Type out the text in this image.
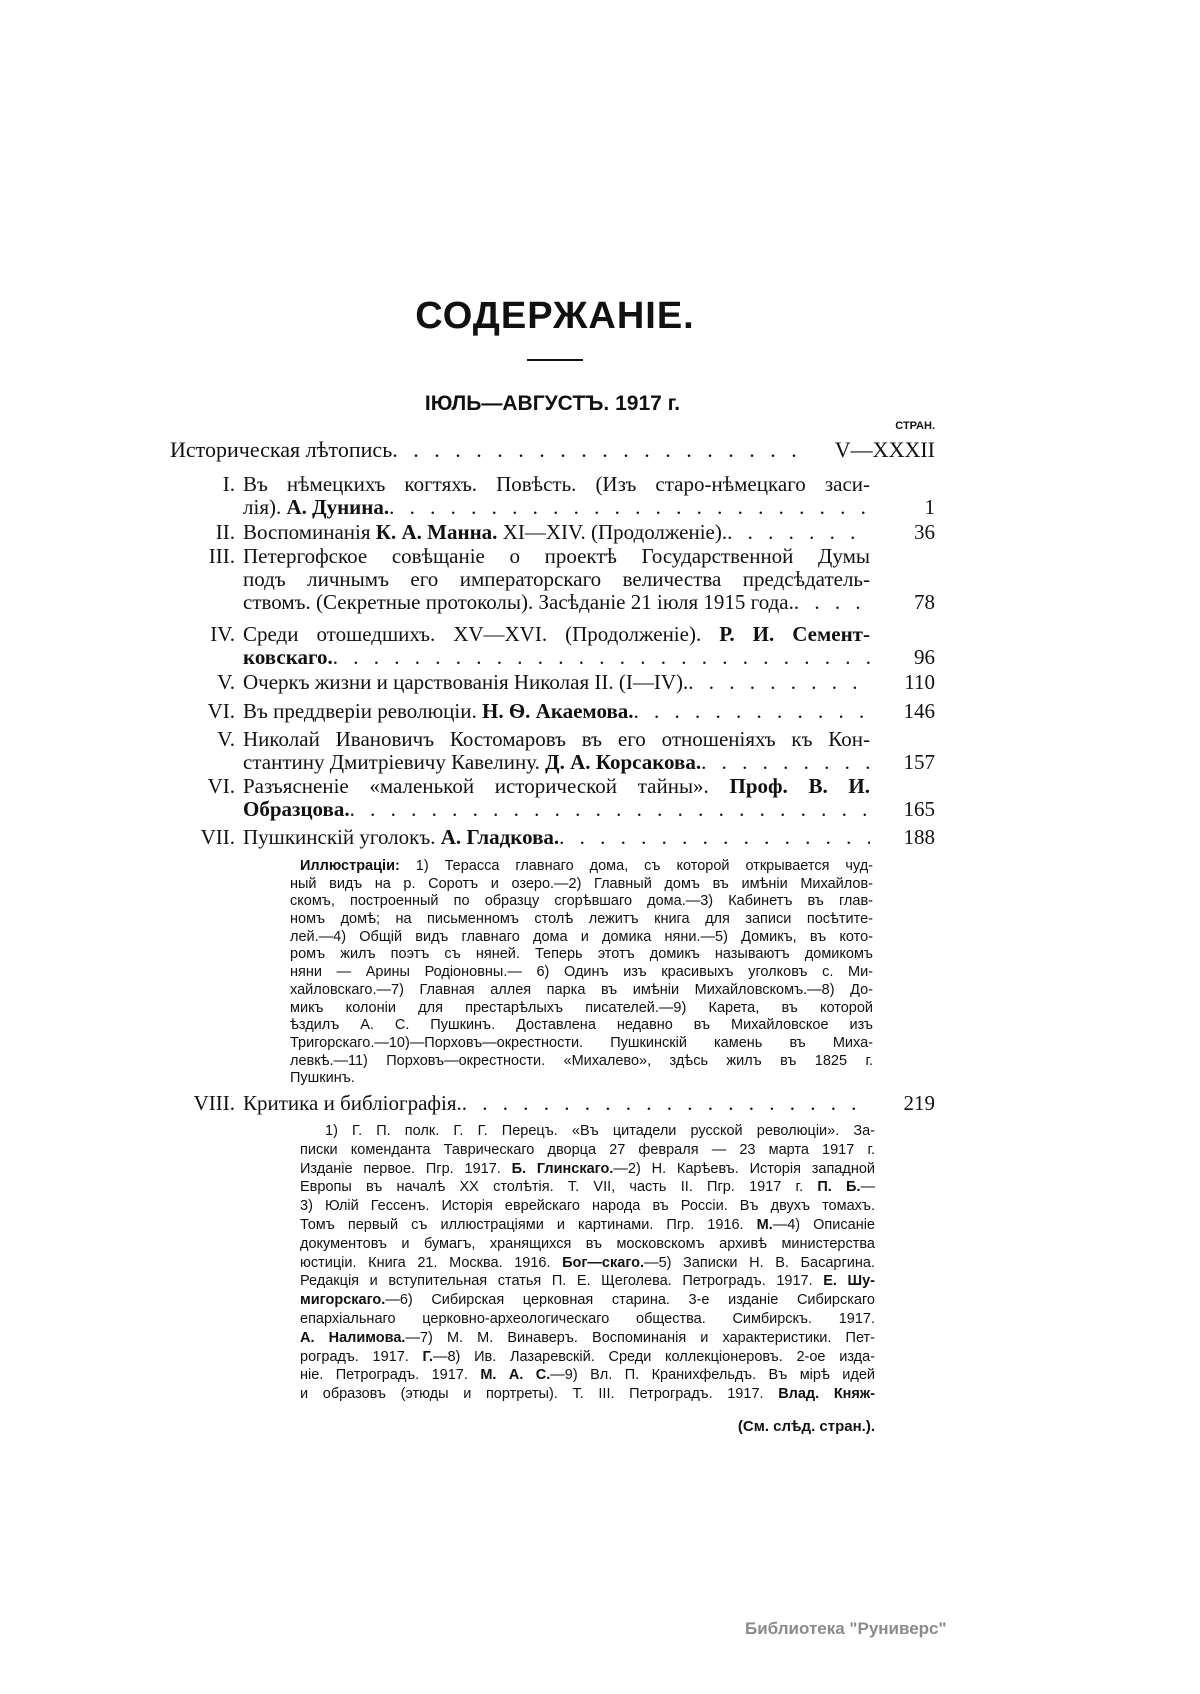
СОДЕРЖАНІЕ.
ІЮЛЬ—АВГУСТЪ. 1917 г.
СТРАН.
Историческая лѣтопись . . .	V—XXXII
I. Въ нѣмецкихъ когтяхъ. Повѣсть. (Изъ старо-нѣмецкаго заси-
лія). А. Дунина. . . .	1
II. Воспоминанія К. А. Манна. XI—XIV. (Продолженіе). . . .	36
III. Петергофское совѣщаніе о проектѣ Государственной Думы
подъ личнымъ его императорскаго величества предсѣдатель-
ствомъ. (Секретные протоколы). Засѣданіе 21 іюля 1915 года. . . .	78
IV. Среди отошедшихъ. XV—XVI. (Продолженіе). Р. И. Семент-
ковскаго. . . .	96
V. Очеркъ жизни и царствованія Николая II. (I—IV). . . .	110
VI. Въ преддверіи революціи. Н. Ѳ. Акаемова. . . .	146
V. Николай Ивановичъ Костомаровъ въ его отношеніяхъ къ Кон-
стантину Дмитріевичу Кавелину. Д. А. Корсакова. . . .	157
VI. Разъясненіе «маленькой исторической тайны». Проф. В. И.
Образцова. . . .	165
VII. Пушкинскій уголокъ. А. Гладкова. . . .	188
VIII. Критика и библіографія. . . .	219
Иллюстраціи: 1) Терасса главнаго дома, съ которой открывается чуд-
ный видъ на р. Соротъ и озеро.—2) Главный домъ въ имѣніи Михайлов-
скомъ, построенный по образцу сгорѣвшаго дома.—3) Кабинетъ въ глав-
номъ домѣ; на письменномъ столѣ лежитъ книга для записи посѣтите-
лей.—4) Общій видъ главнаго дома и домика няни.—5) Домикъ, въ кото-
ромъ жилъ поэтъ съ няней. Теперь этотъ домикъ называютъ домикомъ
няни — Арины Родіоновны.— 6) Одинъ изъ красивыхъ уголковъ с. Ми-
хайловскаго.—7) Главная аллея парка въ имѣніи Михайловскомъ.—8) До-
микъ колоніи для престарѣлыхъ писателей.—9) Карета, въ которой
ѣздилъ А. С. Пушкинъ. Доставлена недавно въ Михайловское изъ
Тригорскаго.—10)—Порховъ—окрестности. Пушкинскій камень въ Миха-
левкѣ.—11) Порховъ—окрестности. «Михалево», здѣсь жилъ въ 1825 г.
Пушкинъ.
1) Г. П. полк. Г. Г. Перецъ. «Въ цитадели русской революціи». За-
писки коменданта Таврическаго дворца 27 февраля — 23 марта 1917 г.
Изданіе первое. Пгр. 1917. Б. Глинскаго.—2) Н. Карѣевъ. Исторія западной
Европы въ началѣ XX столѣтія. Т. VII, часть II. Пгр. 1917 г. П. Б.—
3) Юлій Гессенъ. Исторія еврейскаго народа въ Россіи. Въ двухъ томахъ.
Томъ первый съ иллюстраціями и картинами. Пгр. 1916. М.—4) Описаніе
документовъ и бумагъ, хранящихся въ московскомъ архивѣ министерства
юстиціи. Книга 21. Москва. 1916. Бог—скаго.—5) Записки Н. В. Басаргина.
Редакція и вступительная статья П. Е. Щеголева. Петроградъ. 1917. Е. Шу-
мигорскаго.—6) Сибирская церковная старина. 3-е изданіе Сибирскаго
епархіальнаго церковно-археологическаго общества. Симбирскъ. 1917.
А. Налимова.—7) М. М. Винаверъ. Воспоминанія и характеристики. Пет-
роградъ. 1917. Г.—8) Ив. Лазаревскій. Среди коллекціонеровъ. 2-ое изда-
ніе. Петроградъ. 1917. М. А. С.—9) Вл. П. Кранихфельдъ. Въ мірѣ идей
и образовъ (этюды и портреты). Т. III. Петроградъ. 1917. Влад. Княж-
(См. слѣд. стран.).
Библиотека "Руниверс"
